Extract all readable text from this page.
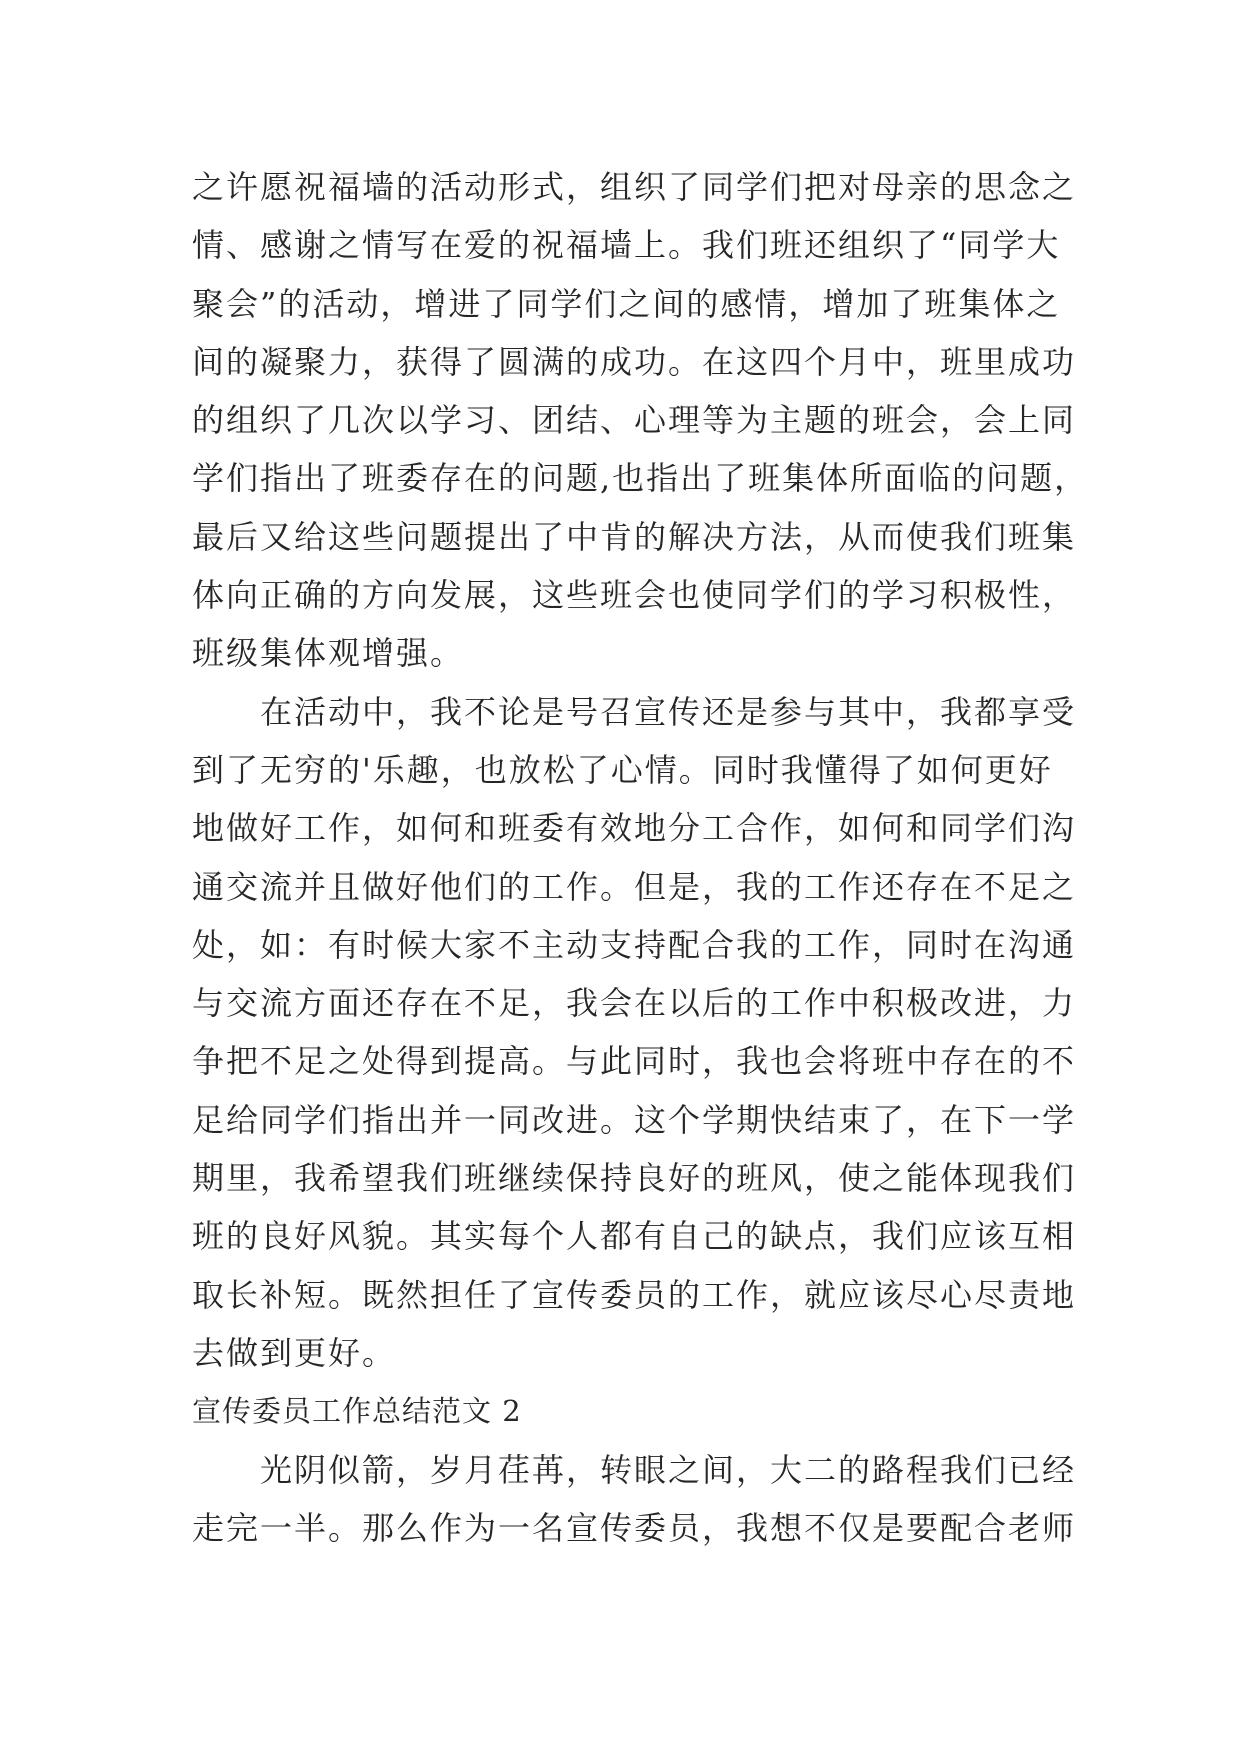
之许愿祝福墙的活动形式，组织了同学们把对母亲的思念之
情、感谢之情写在爱的祝福墙上。我们班还组织了“同学大
聚会”的活动，增进了同学们之间的感情，增加了班集体之
间的凝聚力，获得了圆满的成功。在这四个月中，班里成功
的组织了几次以学习、团结、心理等为主题的班会，会上同
学们指出了班委存在的问题,也指出了班集体所面临的问题，
最后又给这些问题提出了中肯的解决方法，从而使我们班集
体向正确的方向发展，这些班会也使同学们的学习积极性，
班级集体观增强。
在活动中，我不论是号召宣传还是参与其中，我都享受
到了无穷的'乐趣，也放松了心情。同时我懂得了如何更好
地做好工作，如何和班委有效地分工合作，如何和同学们沟
通交流并且做好他们的工作。但是，我的工作还存在不足之
处，如：有时候大家不主动支持配合我的工作，同时在沟通
与交流方面还存在不足，我会在以后的工作中积极改进，力
争把不足之处得到提高。与此同时，我也会将班中存在的不
足给同学们指出并一同改进。这个学期快结束了，在下一学
期里，我希望我们班继续保持良好的班风，使之能体现我们
班的良好风貌。其实每个人都有自己的缺点，我们应该互相
取长补短。既然担任了宣传委员的工作，就应该尽心尽责地
去做到更好。
宣传委员工作总结范文 2
光阴似箭，岁月荏苒，转眼之间，大二的路程我们已经
走完一半。那么作为一名宣传委员，我想不仅是要配合老师
